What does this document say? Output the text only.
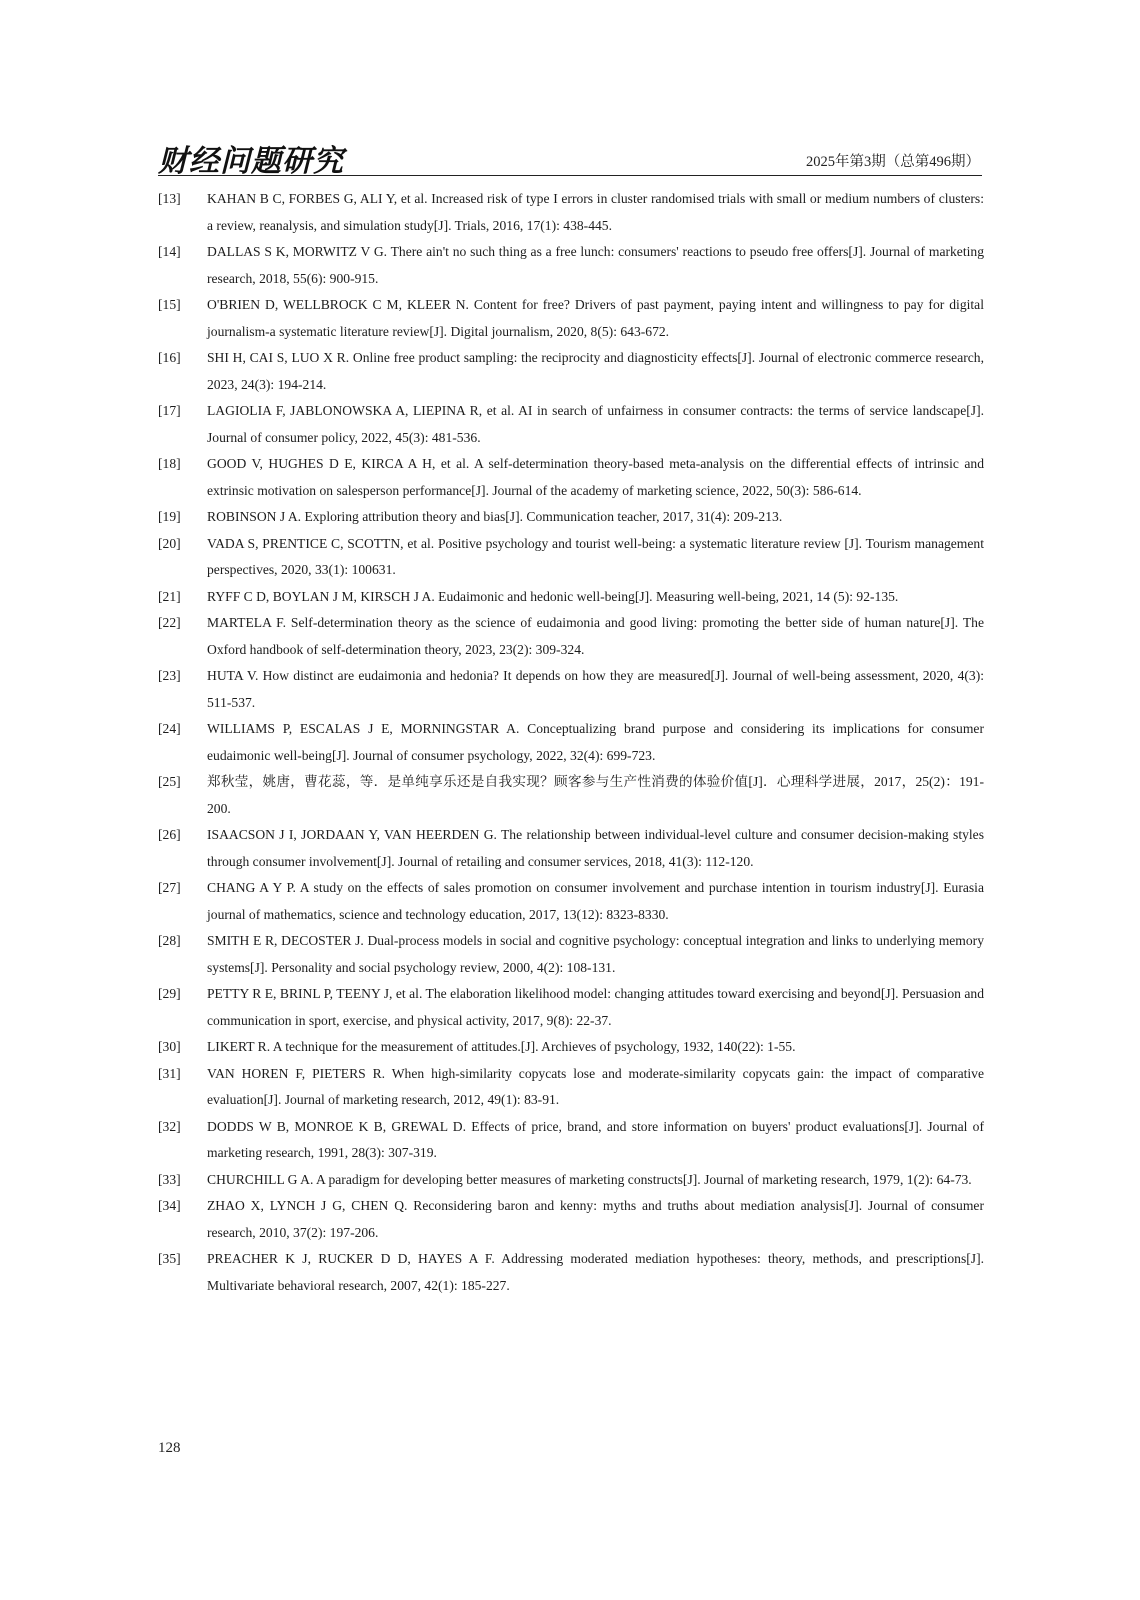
财经问题研究	2025年第3期（总第496期）
[13] KAHAN B C, FORBES G, ALI Y, et al. Increased risk of type I errors in cluster randomised trials with small or medium numbers of clusters: a review, reanalysis, and simulation study[J]. Trials, 2016, 17(1): 438-445.
[14] DALLAS S K, MORWITZ V G. There ain't no such thing as a free lunch: consumers' reactions to pseudo free offers[J]. Journal of marketing research, 2018, 55(6): 900-915.
[15] O'BRIEN D, WELLBROCK C M, KLEER N. Content for free? Drivers of past payment, paying intent and willingness to pay for digital journalism-a systematic literature review[J]. Digital journalism, 2020, 8(5): 643-672.
[16] SHI H, CAI S, LUO X R. Online free product sampling: the reciprocity and diagnosticity effects[J]. Journal of electronic commerce research, 2023, 24(3): 194-214.
[17] LAGIOLIA F, JABLONOWSKA A, LIEPINA R, et al. AI in search of unfairness in consumer contracts: the terms of service landscape[J]. Journal of consumer policy, 2022, 45(3): 481-536.
[18] GOOD V, HUGHES D E, KIRCA A H, et al. A self-determination theory-based meta-analysis on the differential effects of intrinsic and extrinsic motivation on salesperson performance[J]. Journal of the academy of marketing science, 2022, 50(3): 586-614.
[19] ROBINSON J A. Exploring attribution theory and bias[J]. Communication teacher, 2017, 31(4): 209-213.
[20] VADA S, PRENTICE C, SCOTTN, et al. Positive psychology and tourist well-being: a systematic literature review [J]. Tourism management perspectives, 2020, 33(1): 100631.
[21] RYFF C D, BOYLAN J M, KIRSCH J A. Eudaimonic and hedonic well-being[J]. Measuring well-being, 2021, 14 (5): 92-135.
[22] MARTELA F. Self-determination theory as the science of eudaimonia and good living: promoting the better side of human nature[J]. The Oxford handbook of self-determination theory, 2023, 23(2): 309-324.
[23] HUTA V. How distinct are eudaimonia and hedonia? It depends on how they are measured[J]. Journal of well-being assessment, 2020, 4(3): 511-537.
[24] WILLIAMS P, ESCALAS J E, MORNINGSTAR A. Conceptualizing brand purpose and considering its implications for consumer eudaimonic well-being[J]. Journal of consumer psychology, 2022, 32(4): 699-723.
[25] 郑秋莹，姚唐，曹花蕊，等．是单纯享乐还是自我实现？顾客参与生产性消费的体验价值[J]．心理科学进展，2017，25(2)：191-200.
[26] ISAACSON J I, JORDAAN Y, VAN HEERDEN G. The relationship between individual-level culture and consumer decision-making styles through consumer involvement[J]. Journal of retailing and consumer services, 2018, 41(3): 112-120.
[27] CHANG A Y P. A study on the effects of sales promotion on consumer involvement and purchase intention in tourism industry[J]. Eurasia journal of mathematics, science and technology education, 2017, 13(12): 8323-8330.
[28] SMITH E R, DECOSTER J. Dual-process models in social and cognitive psychology: conceptual integration and links to underlying memory systems[J]. Personality and social psychology review, 2000, 4(2): 108-131.
[29] PETTY R E, BRINL P, TEENY J, et al. The elaboration likelihood model: changing attitudes toward exercising and beyond[J]. Persuasion and communication in sport, exercise, and physical activity, 2017, 9(8): 22-37.
[30] LIKERT R. A technique for the measurement of attitudes.[J]. Archieves of psychology, 1932, 140(22): 1-55.
[31] VAN HOREN F, PIETERS R. When high-similarity copycats lose and moderate-similarity copycats gain: the impact of comparative evaluation[J]. Journal of marketing research, 2012, 49(1): 83-91.
[32] DODDS W B, MONROE K B, GREWAL D. Effects of price, brand, and store information on buyers' product evaluations[J]. Journal of marketing research, 1991, 28(3): 307-319.
[33] CHURCHILL G A. A paradigm for developing better measures of marketing constructs[J]. Journal of marketing research, 1979, 1(2): 64-73.
[34] ZHAO X, LYNCH J G, CHEN Q. Reconsidering baron and kenny: myths and truths about mediation analysis[J]. Journal of consumer research, 2010, 37(2): 197-206.
[35] PREACHER K J, RUCKER D D, HAYES A F. Addressing moderated mediation hypotheses: theory, methods, and prescriptions[J]. Multivariate behavioral research, 2007, 42(1): 185-227.
128
